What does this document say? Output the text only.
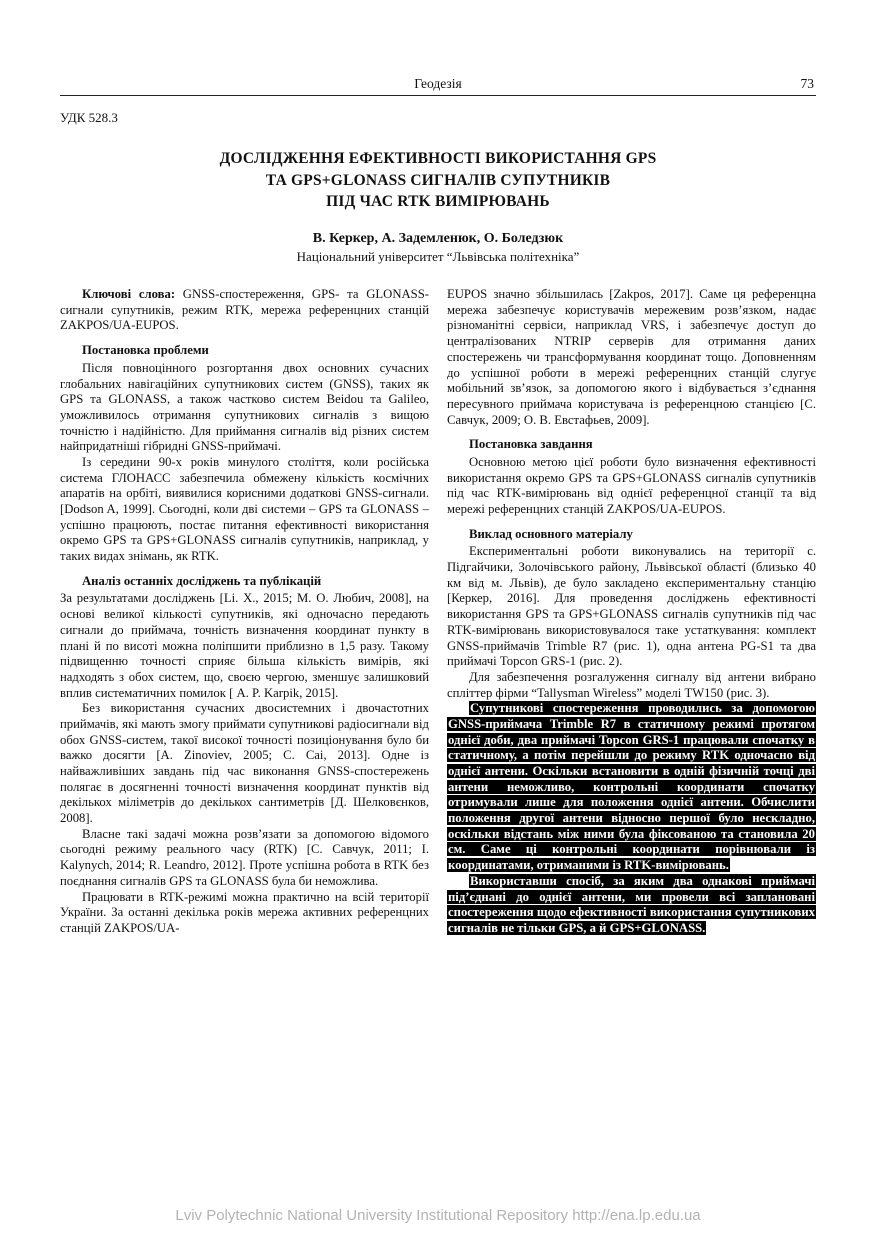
Геодезія	73
УДК 528.3
ДОСЛІДЖЕННЯ ЕФЕКТИВНОСТІ ВИКОРИСТАННЯ GPS
ТА GPS+GLONASS СИГНАЛІВ СУПУТНИКІВ
ПІД ЧАС RTK ВИМІРЮВАНЬ
В. Керкер, А. Задемленюк, О. Боледзюк
Національний університет “Львівська політехніка”

Ключові слова: GNSS-спостереження, GPS- та GLONASS-сигнали супутників, режим RTK, мережа референцних станцій ZAKPOS/UA-EUPOS.

Постановка проблеми

Після повноцінного розгортання двох основних сучасних глобальних навігаційних супутникових систем (GNSS), таких як GPS та GLONASS, а також частково систем Beidou та Galileo, уможливилось отримання супутникових сигналів з вищою точністю і надійністю. Для приймання сигналів від різних систем найпридатніші гібридні GNSS-приймачі.

Із середини 90-х років минулого століття, коли російська система ГЛОНАСС забезпечила обмежену кількість космічних апаратів на орбіті, виявилися корисними додаткові GNSS-сигнали. [Dodson A, 1999]. Сьогодні, коли дві системи – GPS та GLONASS – успішно працюють, постає питання ефективності використання окремо GPS та GPS+GLONASS сигналів супутників, наприклад, у таких видах знімань, як RTK.

Аналіз останніх досліджень та публікацій

За результатами досліджень [Li. X., 2015; М. О. Любич, 2008], на основі великої кількості супутників, які одночасно передають сигнали до приймача, точність визначення координат пункту в плані й по висоті можна поліпшити приблизно в 1,5 разу. Такому підвищенню точності сприяє більша кількість вимірів, які надходять з обох систем, що, своєю чергою, зменшує залишковий вплив систематичних помилок [ A. P. Karpik, 2015].

Без використання сучасних двосистемних і двочастотних приймачів, які мають змогу приймати супутникові радіосигнали від обох GNSS-систем, такої високої точності позиціонування було би важко досягти [A. Zinoviev, 2005; C. Cai, 2013]. Одне із найважливіших завдань під час виконання GNSS-спостережень полягає в досягненні точності визначення координат пунктів від декількох міліметрів до декількох сантиметрів [Д. Шелковєнков, 2008].

Власне такі задачі можна розв’язати за допомогою відомого сьогодні режиму реального часу (RTK) [С. Савчук, 2011; I. Kalynych, 2014; R. Leandro, 2012]. Проте успішна робота в RTK без поєднання сигналів GPS та GLONASS була би неможлива.

Працювати в RTK-режимі можна практично на всій території України. За останні декілька років мережа активних референцних станцій ZAKPOS/UA-

EUPOS значно збільшилась [Zakpos, 2017]. Саме ця референцна мережа забезпечує користувачів мережевим розв’язком, надає різноманітні сервіси, наприклад VRS, і забезпечує доступ до централізованих NTRIP серверів для отримання даних спостережень чи трансформування координат тощо. Доповненням до успішної роботи в мережі референцних станцій слугує мобільний зв’язок, за допомогою якого і відбувається з’єднання пересувного приймача користувача із референцною станцією [С. Савчук, 2009; О. В. Евстафьев, 2009].

Постановка завдання

Основною метою цієї роботи було визначення ефективності використання окремо GPS та GPS+GLONASS сигналів супутників під час RTK-вимірювань від однієї референцної станції та від мережі референцних станцій ZAKPOS/UA-EUPOS.

Виклад основного матеріалу

Експериментальні роботи виконувались на території с. Підгайчики, Золочівського району, Львівської області (близько 40 км від м. Львів), де було закладено експериментальну станцію [Керкер, 2016]. Для проведення досліджень ефективності використання GPS та GPS+GLONASS сигналів супутників під час RTK-вимірювань використовувалося таке устаткування: комплект GNSS-приймачів Trimble R7 (рис. 1), одна антена PG-S1 та два приймачі Topcon GRS-1 (рис. 2).

Для забезпечення розгалуження сигналу від антени вибрано спліттер фірми “Tallysman Wireless” моделі TW150 (рис. 3).

Супутникові спостереження проводились за допомогою GNSS-приймача Trimble R7 в статичному режимі протягом однієї доби, два приймачі Topcon GRS-1 працювали спочатку в статичному, а потім перейшли до режиму RTK одночасно від однієї антени. Оскільки встановити в одній фізичній точці дві антени неможливо, контрольні координати спочатку отримували лише для положення однієї антени. Обчислити положення другої антени відносно першої було нескладно, оскільки відстань між ними була фіксованою та становила 20 см. Саме ці контрольні координати порівнювали із координатами, отриманими із RTK-вимірювань.

Використавши спосіб, за яким два однакові приймачі під’єднані до однієї антени, ми провели всі заплановані спостереження щодо ефективності використання супутникових сигналів не тільки GPS, а й GPS+GLONASS.

Lviv Polytechnic National University Institutional Repository http://ena.lp.edu.ua
